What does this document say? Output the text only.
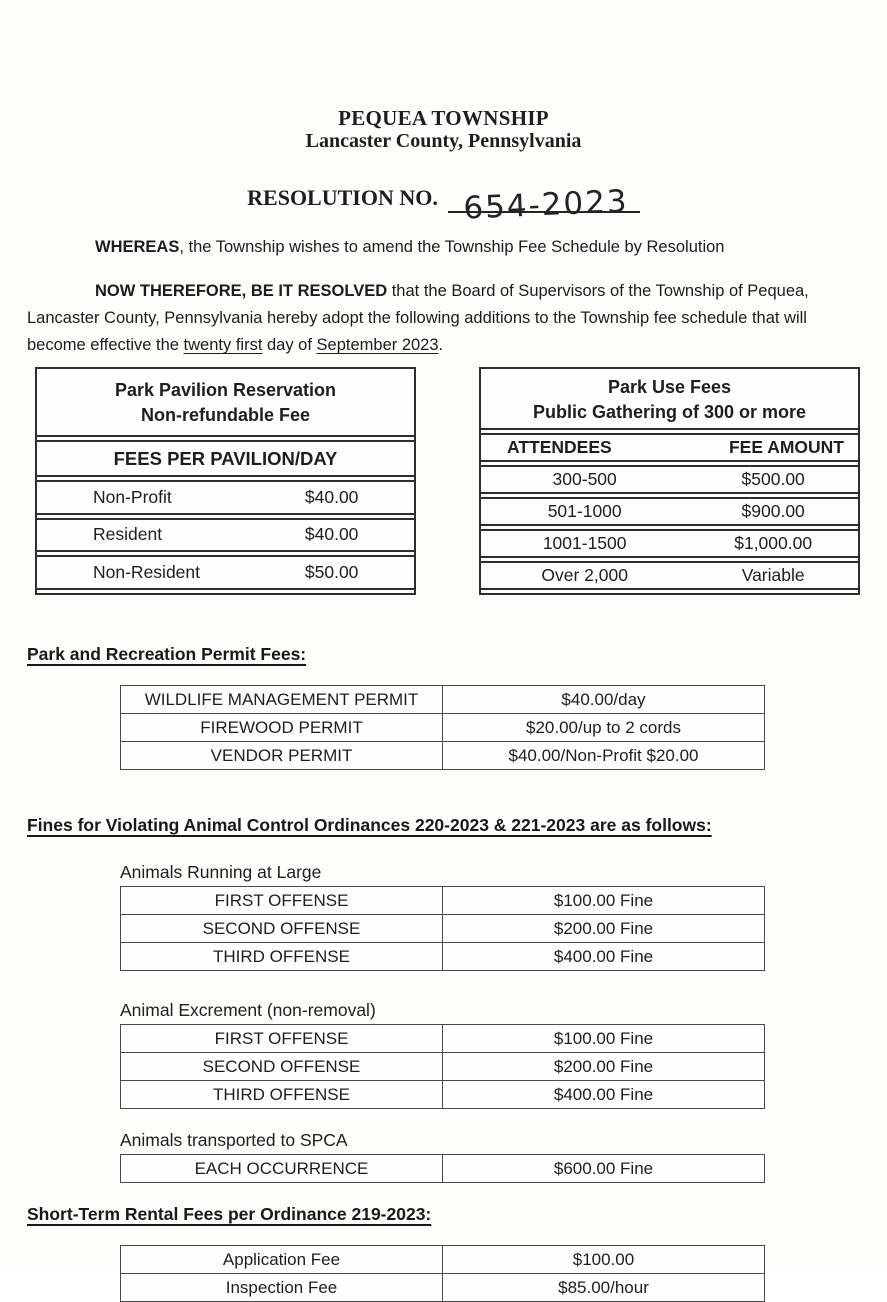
PEQUEA TOWNSHIP
Lancaster County, Pennsylvania
RESOLUTION NO. 654-2023

WHEREAS, the Township wishes to amend the Township Fee Schedule by Resolution

NOW THEREFORE, BE IT RESOLVED that the Board of Supervisors of the Township of Pequea, Lancaster County, Pennsylvania hereby adopt the following additions to the Township fee schedule that will become effective the twenty first day of September 2023.

Park Pavilion Reservation
Non-refundable Fee	

FEES PER PAVILION/DAY	
Non-Profit	$40.00
Resident	$40.00
Non-Resident	$50.00
Park Use Fees
Public Gathering of 300 or more	

ATTENDEES	FEE AMOUNT
300-500	$500.00
501-1000	$900.00
1001-1500	$1,000.00
Over 2,000	Variable
Park and Recreation Permit Fees:
WILDLIFE MANAGEMENT PERMIT	$40.00/day
FIREWOOD PERMIT	$20.00/up to 2 cords
VENDOR PERMIT	$40.00/Non-Profit $20.00
Fines for Violating Animal Control Ordinances 220-2023 & 221-2023 are as follows:
Animals Running at Large
FIRST OFFENSE	$100.00 Fine
SECOND OFFENSE	$200.00 Fine
THIRD OFFENSE	$400.00 Fine
Animal Excrement (non-removal)
FIRST OFFENSE	$100.00 Fine
SECOND OFFENSE	$200.00 Fine
THIRD OFFENSE	$400.00 Fine
Animals transported to SPCA
EACH OCCURRENCE	$600.00 Fine
Short-Term Rental Fees per Ordinance 219-2023:
Application Fee	$100.00
Inspection Fee	$85.00/hour
